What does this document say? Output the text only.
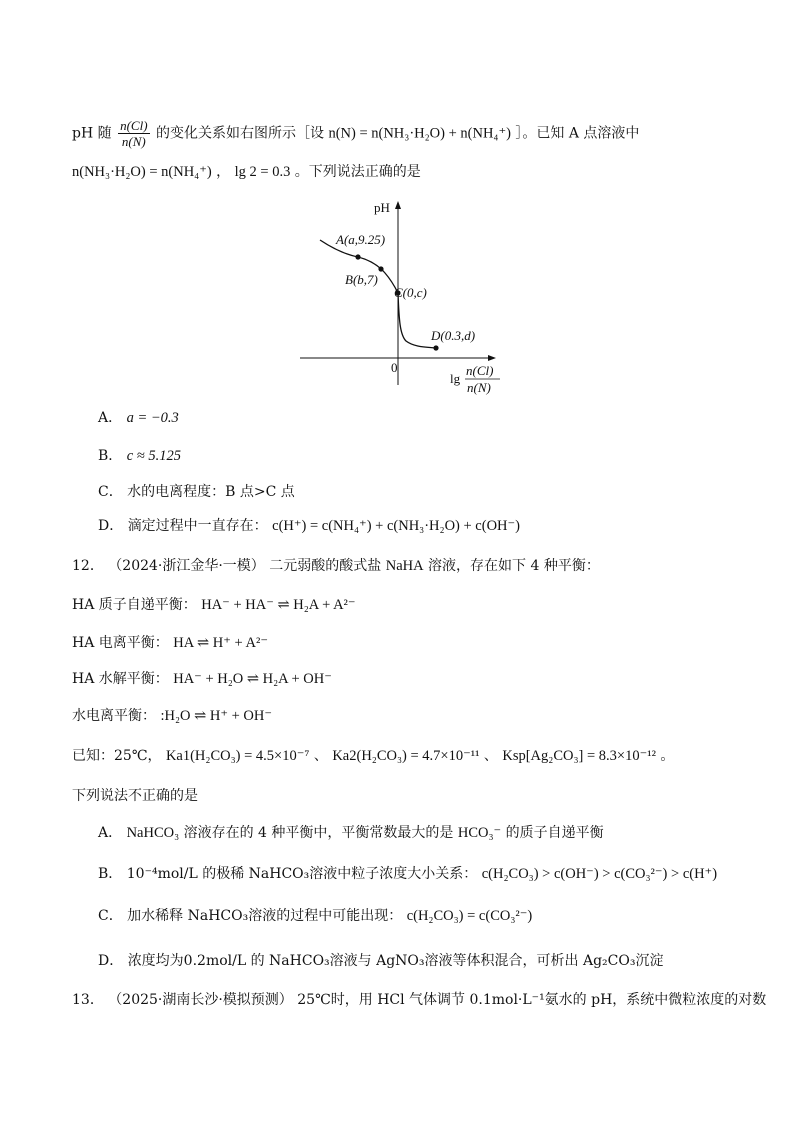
pH 随 $\frac{n(Cl)}{n(N)}$ 的变化关系如右图所示［设 n(N) = n(NH₃·H₂O) + n(NH₄⁺) ］。已知 A 点溶液中
n(NH₃·H₂O) = n(NH₄⁺) ， lg 2 = 0.3 。下列说法正确的是
pH
0
A(a,9.25)
B(b,7)
C(0,c)
D(0.3,d)
lg
n(Cl)
n(N)
A． a = −0.3
B． c ≈ 5.125
C． 水的电离程度：B 点>C 点
D． 滴定过程中一直存在： c(H⁺) = c(NH₄⁺) + c(NH₃·H₂O) + c(OH⁻)
12． （2024·浙江金华·一模） 二元弱酸的酸式盐 NaHA 溶液，存在如下 4 种平衡：
HA 质子自递平衡： HA⁻ + HA⁻ ⇌ H₂A + A²⁻
HA 电离平衡： HA ⇌ H⁺ + A²⁻
HA 水解平衡： HA⁻ + H₂O ⇌ H₂A + OH⁻
水电离平衡： :H₂O ⇌ H⁺ + OH⁻
已知：25℃， Ka1(H₂CO₃) = 4.5×10⁻⁷ 、 Ka2(H₂CO₃) = 4.7×10⁻¹¹ 、 Ksp[Ag₂CO₃] = 8.3×10⁻¹² 。
下列说法不正确的是
A． NaHCO₃ 溶液存在的 4 种平衡中，平衡常数最大的是 HCO₃⁻ 的质子自递平衡
B． 10⁻⁴mol/L 的极稀 NaHCO₃溶液中粒子浓度大小关系： c(H₂CO₃) > c(OH⁻) > c(CO₃²⁻) > c(H⁺)
C． 加水稀释 NaHCO₃溶液的过程中可能出现： c(H₂CO₃) = c(CO₃²⁻)
D． 浓度均为0.2mol/L 的 NaHCO₃溶液与 AgNO₃溶液等体积混合，可析出 Ag₂CO₃沉淀
13． （2025·湖南长沙·模拟预测） 25℃时，用 HCl 气体调节 0.1mol·L⁻¹氨水的 pH，系统中微粒浓度的对数
